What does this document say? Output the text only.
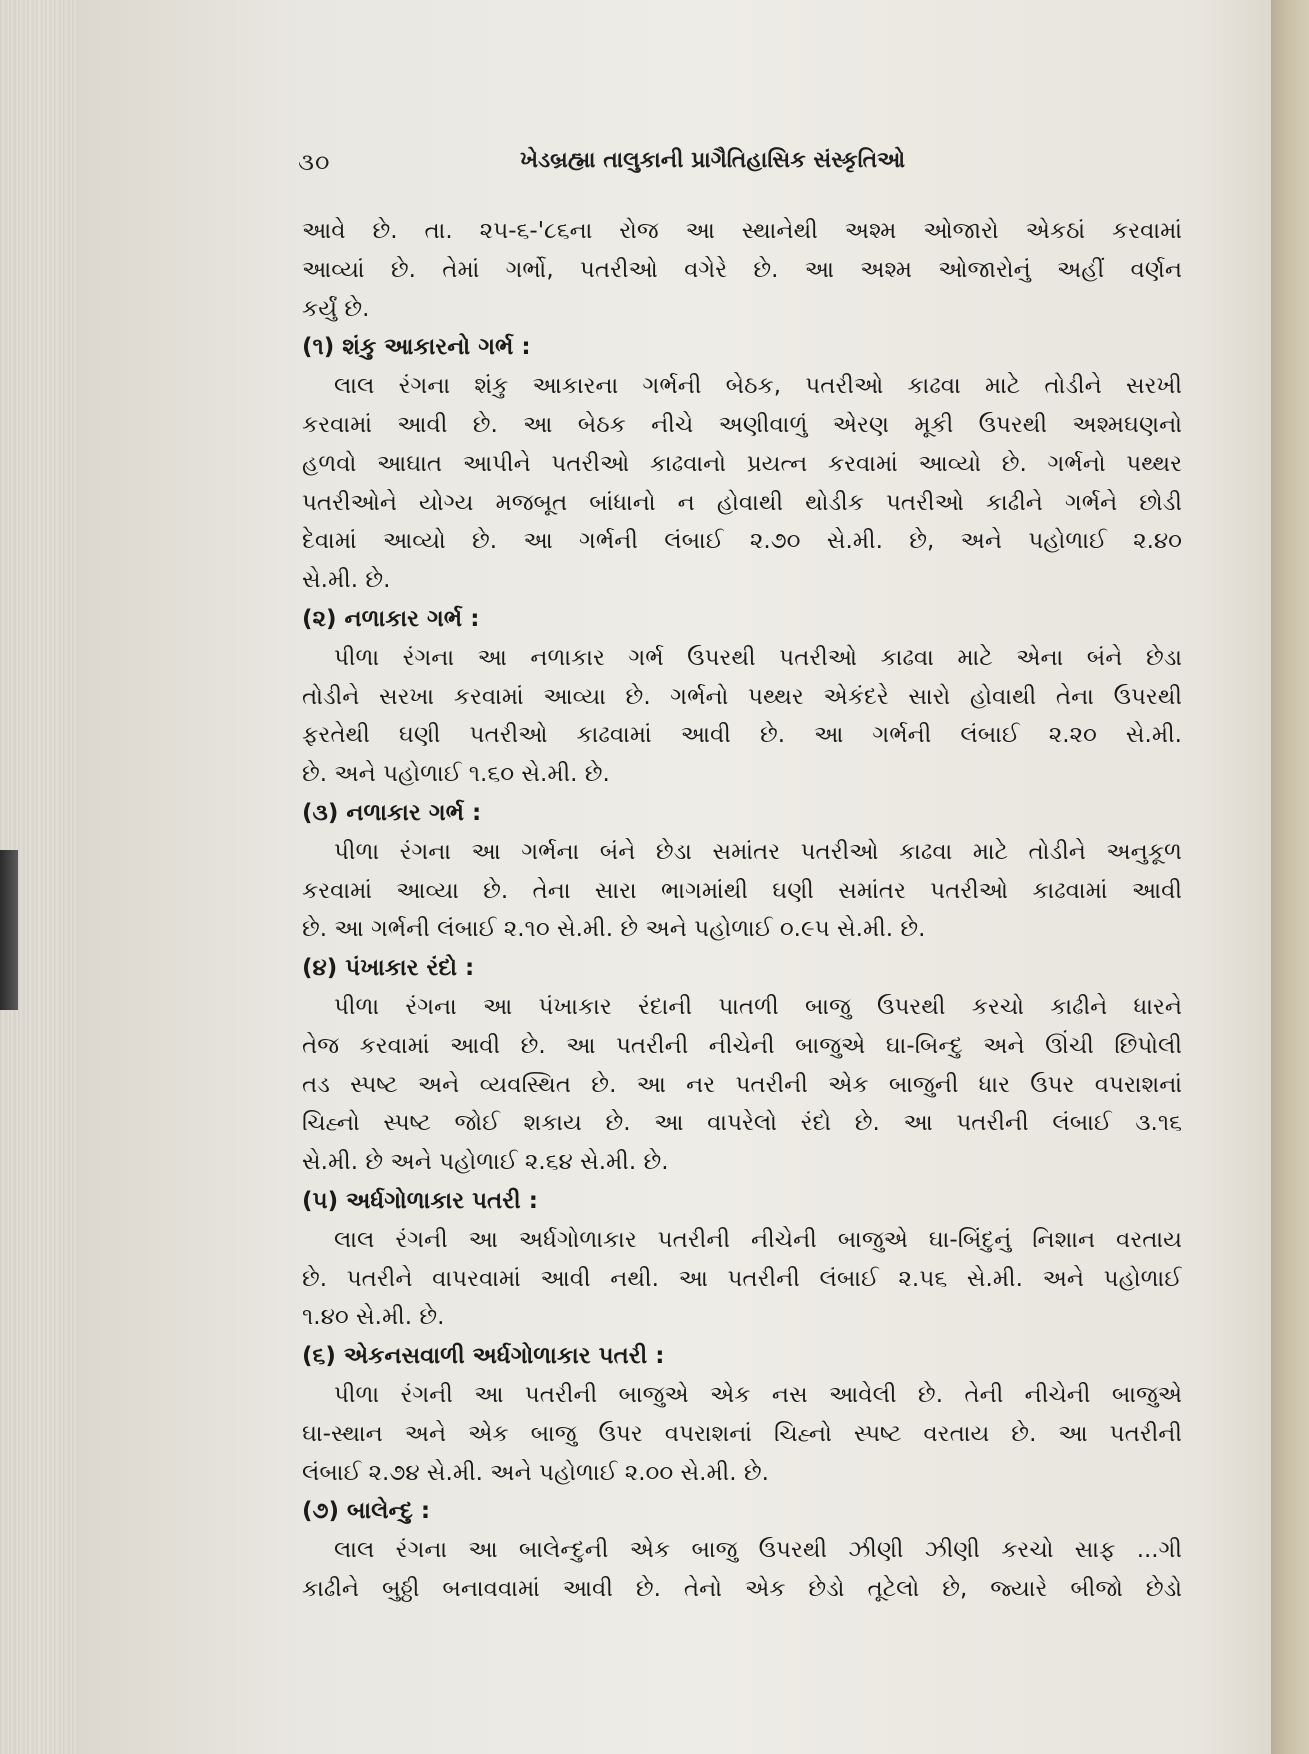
૩૦	ખેડબ્રહ્મા તાલુકાની પ્રાગૈતિહાસિક સંસ્કૃતિઓ
આવે છે. તા. ૨૫-૬-'૮૬ના રોજ આ સ્થાનેથી અશ્મ ઓજારો એકઠાં કરવામાં
આવ્યાં છે. તેમાં ગર્ભો, પતરીઓ વગેરે છે. આ અશ્મ ઓજારોનું અહીં વર્ણન
કર્યું છે.
(૧) શંકુ આકારનો ગર્ભ :
લાલ રંગના શંકુ આકારના ગર્ભની બેઠક, પતરીઓ કાઢવા માટે તોડીને સરખી
કરવામાં આવી છે. આ બેઠક નીચે અણીવાળું એરણ મૂકી ઉપરથી અશ્મઘણનો
હળવો આઘાત આપીને પતરીઓ કાઢવાનો પ્રયત્ન કરવામાં આવ્યો છે. ગર્ભનો પથ્થર
પતરીઓને યોગ્ય મજબૂત બાંધાનો ન હોવાથી થોડીક પતરીઓ કાઢીને ગર્ભને છોડી
દેવામાં આવ્યો છે. આ ગર્ભની લંબાઈ ૨.૭૦ સે.મી. છે, અને પહોળાઈ ૨.૪૦
સે.મી. છે.
(૨) નળાકાર ગર્ભ :
પીળા રંગના આ નળાકાર ગર્ભ ઉપરથી પતરીઓ કાઢવા માટે એના બંને છેડા
તોડીને સરખા કરવામાં આવ્યા છે. ગર્ભનો પથ્થર એકંદરે સારો હોવાથી તેના ઉપરથી
ફરતેથી ઘણી પતરીઓ કાઢવામાં આવી છે. આ ગર્ભની લંબાઈ ૨.૨૦ સે.મી.
છે. અને પહોળાઈ ૧.૬૦ સે.મી. છે.
(૩) નળાકાર ગર્ભ :
પીળા રંગના આ ગર્ભના બંને છેડા સમાંતર પતરીઓ કાઢવા માટે તોડીને અનુકૂળ
કરવામાં આવ્યા છે. તેના સારા ભાગમાંથી ઘણી સમાંતર પતરીઓ કાઢવામાં આવી
છે. આ ગર્ભની લંબાઈ ૨.૧૦ સે.મી. છે અને પહોળાઈ ૦.૯૫ સે.મી. છે.
(૪) પંખાકાર રંદો :
પીળા રંગના આ પંખાકાર રંદાની પાતળી બાજુ ઉપરથી કરચો કાઢીને ધારને
તેજ કરવામાં આવી છે. આ પતરીની નીચેની બાજુએ ઘા-બિન્દુ અને ઊંચી છિપોલી
તડ સ્પષ્ટ અને વ્યવસ્થિત છે. આ નર પતરીની એક બાજુની ધાર ઉપર વપરાશનાં
ચિહ્નો સ્પષ્ટ જોઈ શકાય છે. આ વાપરેલો રંદો છે. આ પતરીની લંબાઈ ૩.૧૬
સે.મી. છે અને પહોળાઈ ૨.૬૪ સે.મી. છે.
(૫) અર્ધગોળાકાર પતરી :
લાલ રંગની આ અર્ધગોળાકાર પતરીની નીચેની બાજુએ ઘા-બિંદુનું નિશાન વરતાય
છે. પતરીને વાપરવામાં આવી નથી. આ પતરીની લંબાઈ ૨.૫૬ સે.મી. અને પહોળાઈ
૧.૪૦ સે.મી. છે.
(૬) એકનસવાળી અર્ધગોળાકાર પતરી :
પીળા રંગની આ પતરીની બાજુએ એક નસ આવેલી છે. તેની નીચેની બાજુએ
ઘા-સ્થાન અને એક બાજુ ઉપર વપરાશનાં ચિહ્નો સ્પષ્ટ વરતાય છે. આ પતરીની
લંબાઈ ૨.૭૪ સે.મી. અને પહોળાઈ ૨.૦૦ સે.મી. છે.
(૭) બાલેન્દુ :
લાલ રંગના આ બાલેન્દુની એક બાજુ ઉપરથી ઝીણી ઝીણી કરચો સાફ ...ગી
કાઢીને બુઠ્ઠી બનાવવામાં આવી છે. તેનો એક છેડો તૂટેલો છે, જ્યારે બીજો છેડો
